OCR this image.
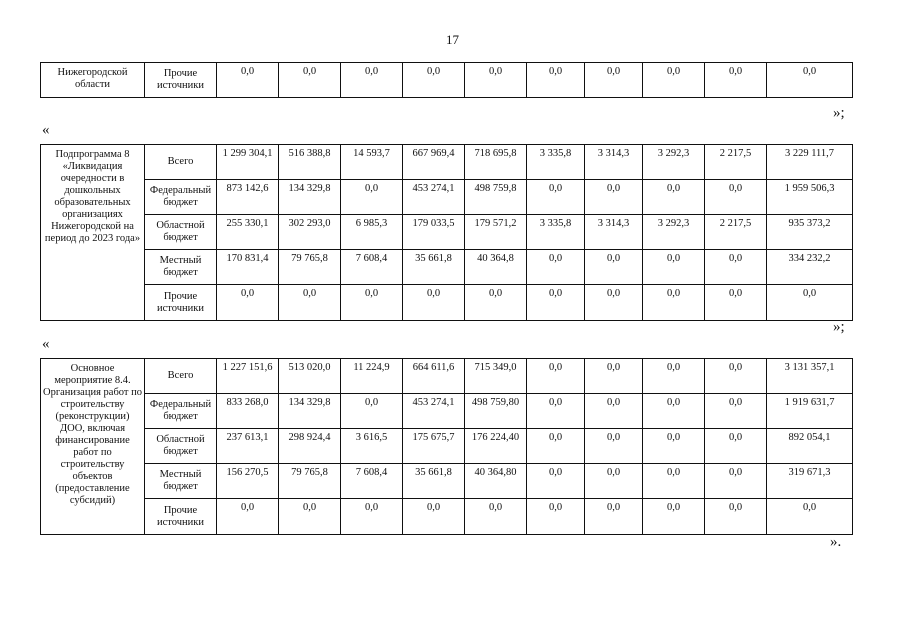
17
Нижегородской области	Прочие источники	0,0	0,0	0,0	0,0	0,0	0,0	0,0	0,0	0,0	0,0
»;
«
Подпрограмма 8 «Ликвидация очередности в дошкольных образовательных организациях Нижегородской на период до 2023 года»	Всего	1 299 304,1	516 388,8	14 593,7	667 969,4	718 695,8	3 335,8	3 314,3	3 292,3	2 217,5	3 229 111,7
	Федеральный бюджет	873 142,6	134 329,8	0,0	453 274,1	498 759,8	0,0	0,0	0,0	0,0	1 959 506,3
	Областной бюджет	255 330,1	302 293,0	6 985,3	179 033,5	179 571,2	3 335,8	3 314,3	3 292,3	2 217,5	935 373,2
	Местный бюджет	170 831,4	79 765,8	7 608,4	35 661,8	40 364,8	0,0	0,0	0,0	0,0	334 232,2
	Прочие источники	0,0	0,0	0,0	0,0	0,0	0,0	0,0	0,0	0,0	0,0
»;
«
Основное мероприятие 8.4. Организация работ по строительству (реконструкции) ДОО, включая финансирование работ по строительству объектов (предоставление субсидий)	Всего	1 227 151,6	513 020,0	11 224,9	664 611,6	715 349,0	0,0	0,0	0,0	0,0	3 131 357,1
	Федеральный бюджет	833 268,0	134 329,8	0,0	453 274,1	498 759,80	0,0	0,0	0,0	0,0	1 919 631,7
	Областной бюджет	237 613,1	298 924,4	3 616,5	175 675,7	176 224,40	0,0	0,0	0,0	0,0	892 054,1
	Местный бюджет	156 270,5	79 765,8	7 608,4	35 661,8	40 364,80	0,0	0,0	0,0	0,0	319 671,3
	Прочие источники	0,0	0,0	0,0	0,0	0,0	0,0	0,0	0,0	0,0	0,0
».
